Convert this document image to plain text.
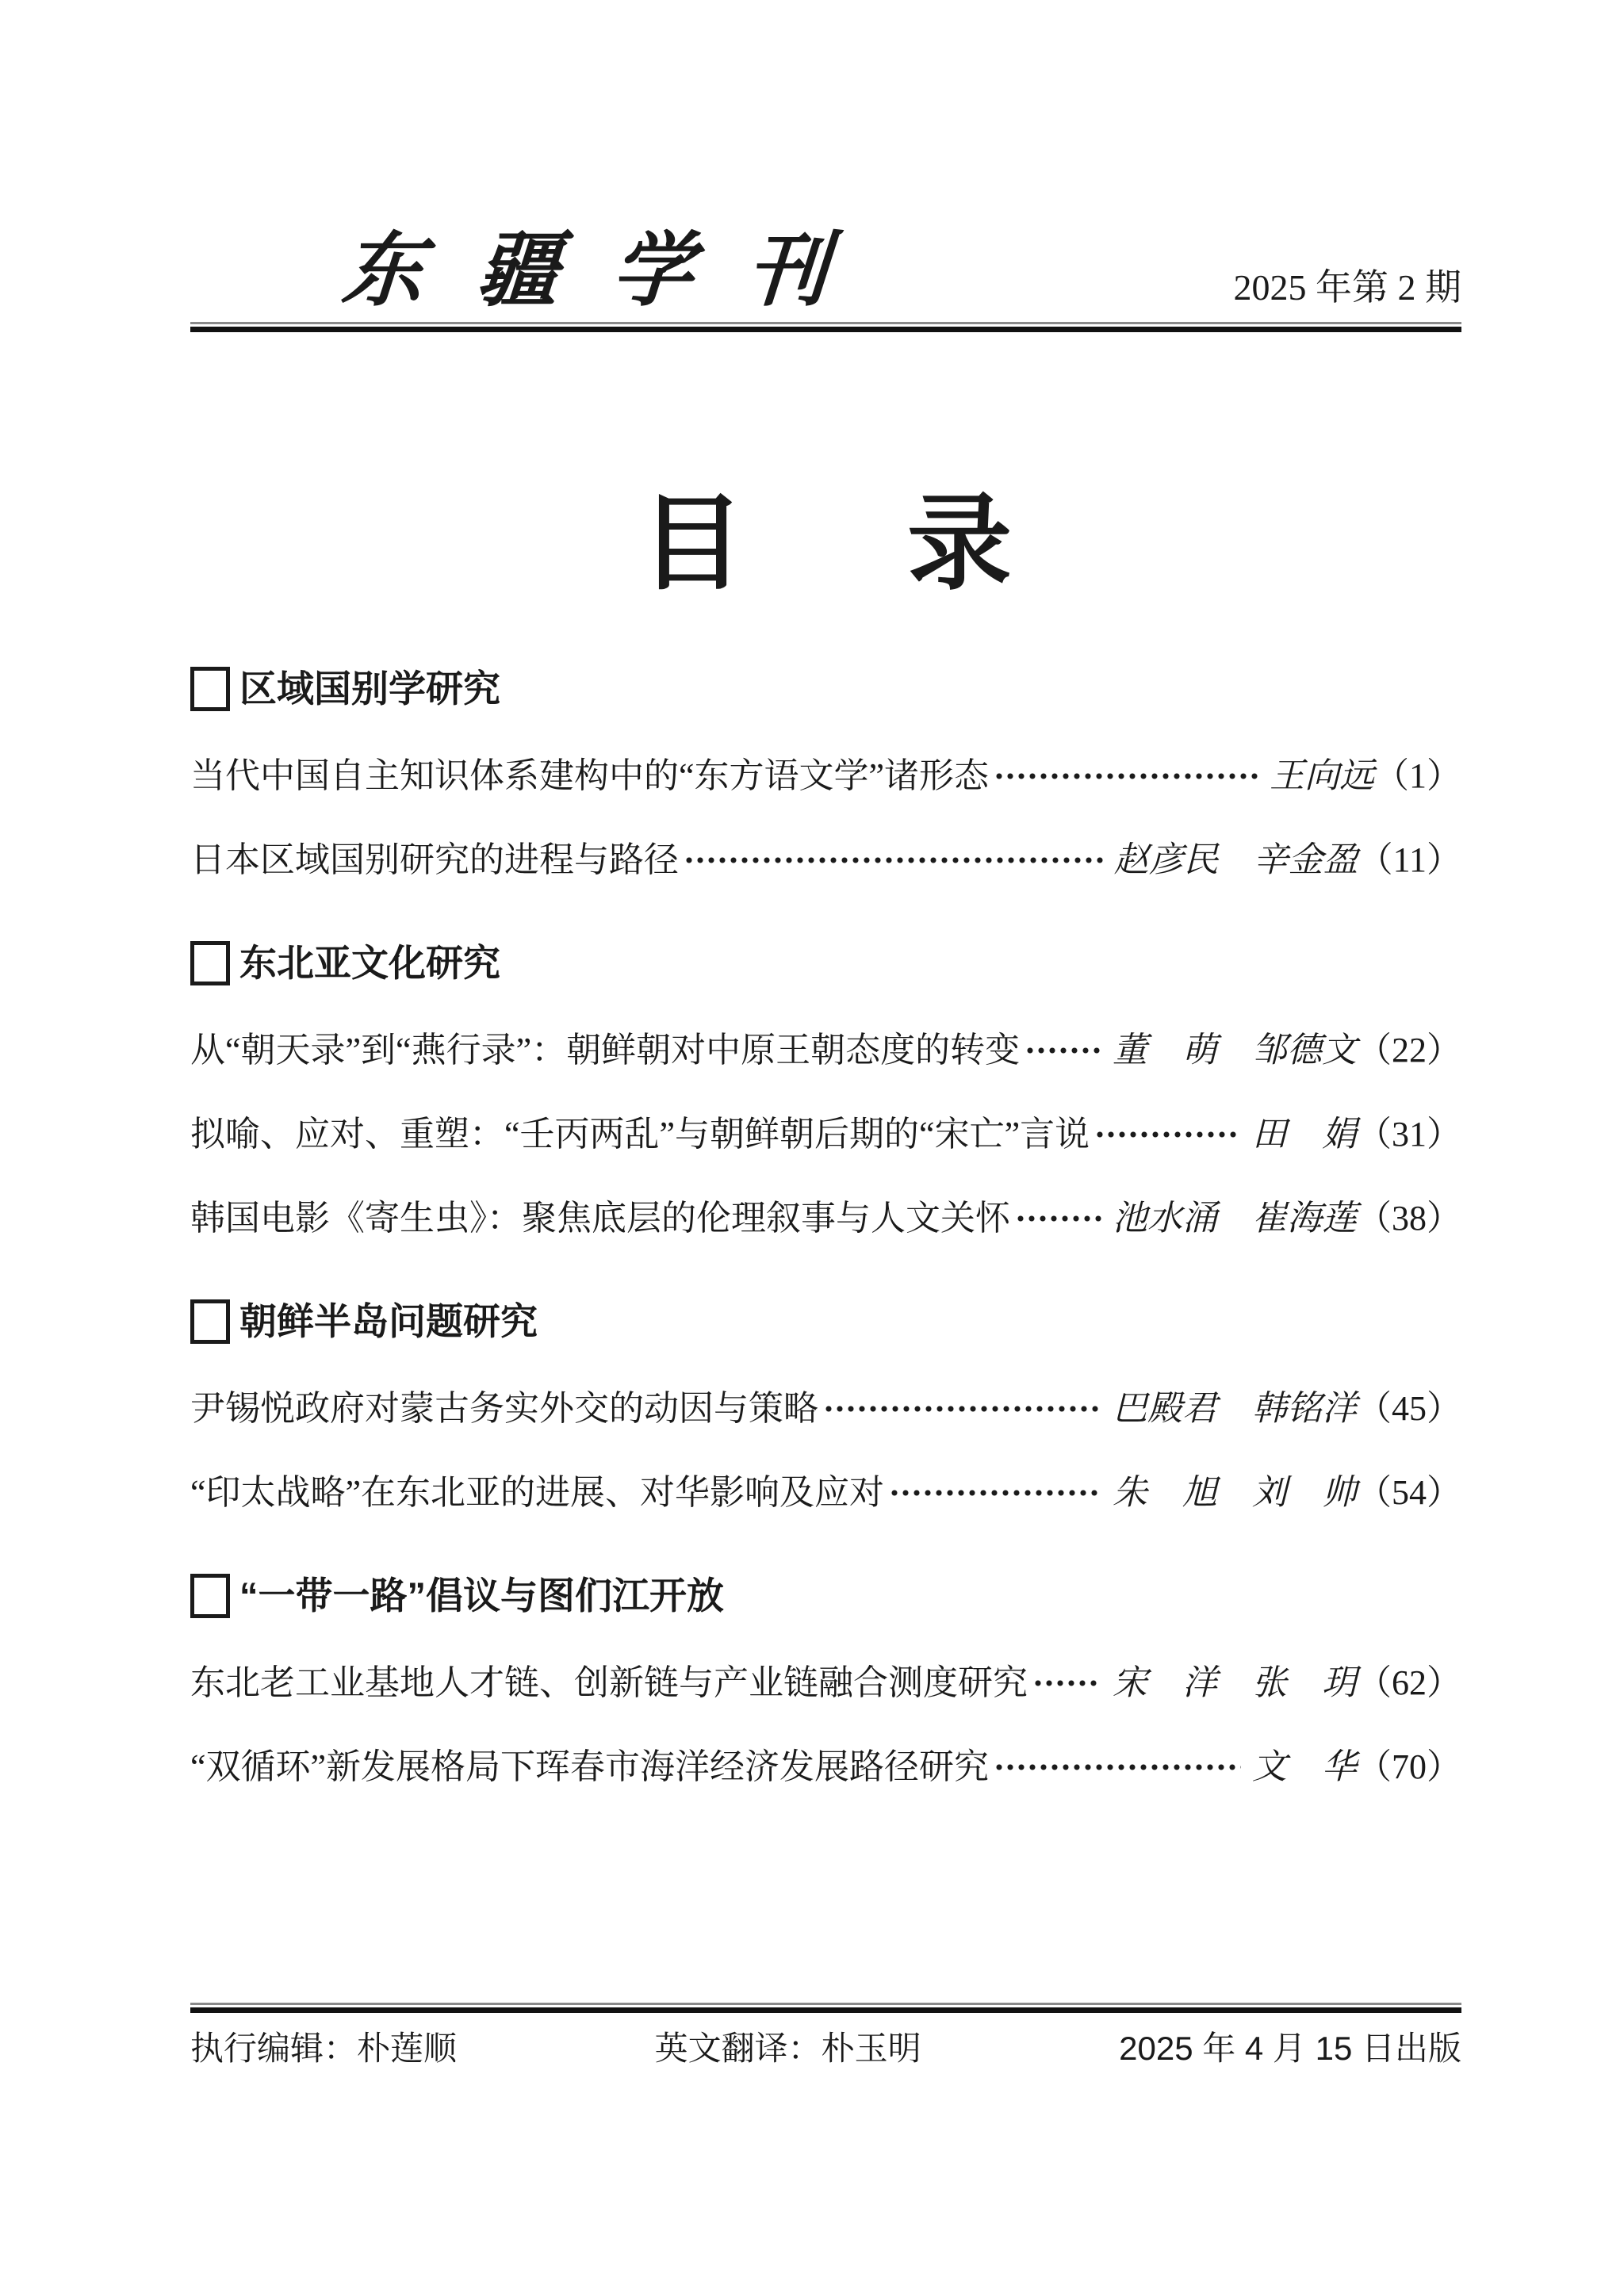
东疆学刊	2025 年第 2 期
目 录
区域国别学研究
当代中国自主知识体系建构中的“东方语文学”诸形态	王向远 （1）
日本区域国别研究的进程与路径	赵彦民　辛金盈 （11）
东北亚文化研究
从“朝天录”到“燕行录”：朝鲜朝对中原王朝态度的转变	董　萌　邹德文 （22）
拟喻、应对、重塑：“壬丙两乱”与朝鲜朝后期的“宋亡”言说	田　娟 （31）
韩国电影《寄生虫》：聚焦底层的伦理叙事与人文关怀	池水涌　崔海莲 （38）
朝鲜半岛问题研究
尹锡悦政府对蒙古务实外交的动因与策略	巴殿君　韩铭洋 （45）
“印太战略”在东北亚的进展、对华影响及应对	朱　旭　刘　帅 （54）
“一带一路”倡议与图们江开放
东北老工业基地人才链、创新链与产业链融合测度研究 宋　洋　张　玥 （62）
“双循环”新发展格局下珲春市海洋经济发展路径研究	文　华 （70）
执行编辑：朴莲顺	英文翻译：朴玉明	2025 年 4 月 15 日出版
